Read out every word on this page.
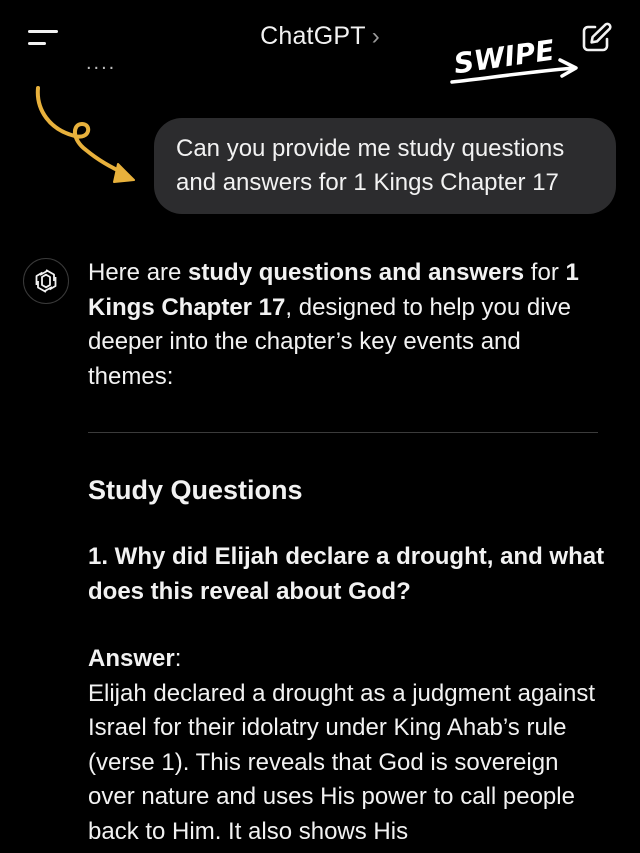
ChatGPT ›
....	SWIPE
Can you provide me study questions
and answers for 1 Kings Chapter 17

Here are study questions and answers for 1 Kings Chapter 17, designed to help you dive deeper into the chapter’s key events and themes:

Study Questions

1. Why did Elijah declare a drought, and what does this reveal about God?

Answer:

Elijah declared a drought as a judgment against Israel for their idolatry under King Ahab’s rule (verse 1). This reveals that God is sovereign over nature and uses His power to call people back to Him. It also shows His
